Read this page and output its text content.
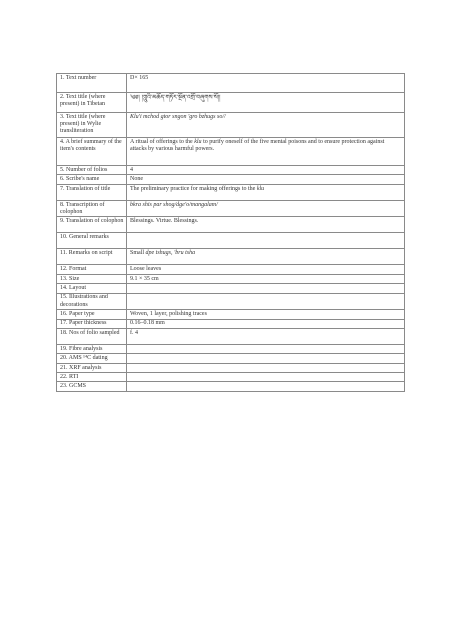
1. Text number	D× 165
2. Text title (where present) in Tibetan	༄༅། །ཀླུའི་མཆོད་གཏོར་སྔོན་འགྲོ་བཞུགས་སོ།།
3. Text title (where present) in Wylie transliteration	Klu'i mchod gtor sngon 'gro bzhugs so//
4. A brief summary of the item's contents	A ritual of offerings to the klu to purify oneself of the five mental poisons and to ensure protection against attacks by various harmful powers.
5. Number of folios	4
6. Scribe's name	None
7. Translation of title	The preliminary practice for making offerings to the klu
8. Transcription of colophon	bkra shis par shog/dge'o/mangalam/
9. Translation of colophon	Blessings. Virtue. Blessings.
10. General remarks	
11. Remarks on script	Small dpe tshugs, 'bru tsha
12. Format	Loose leaves
13. Size	9.1 × 35 cm
14. Layout	
15. Illustrations and decorations	
16. Paper type	Woven, 1 layer, polishing traces
17. Paper thickness	0.16–0.18 mm
18. Nos of folio sampled	f. 4
19. Fibre analysis	
20. AMS ¹⁴C dating	
21. XRF analysis	
22. RTI	
23. GCMS	
